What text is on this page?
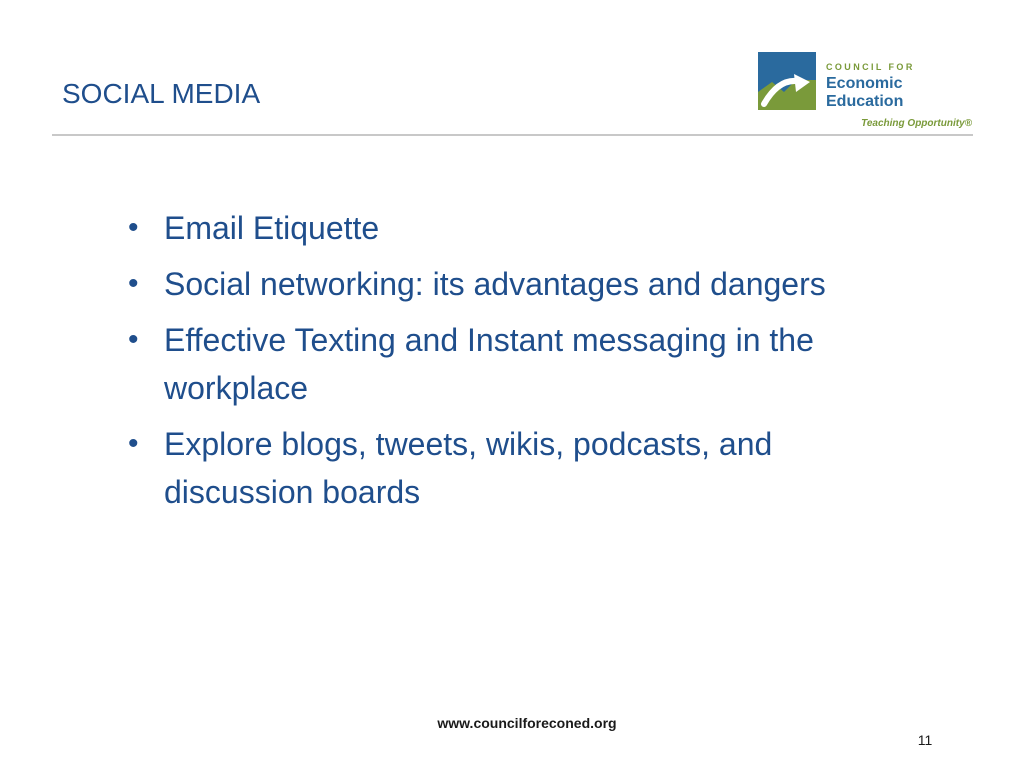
SOCIAL MEDIA
COUNCIL FOR
Economic
Education
Teaching Opportunity®
• Email Etiquette
• Social networking: its advantages and dangers
• Effective Texting and Instant messaging in the workplace
• Explore blogs, tweets, wikis, podcasts, and discussion boards
www.councilforeconed.org
11
